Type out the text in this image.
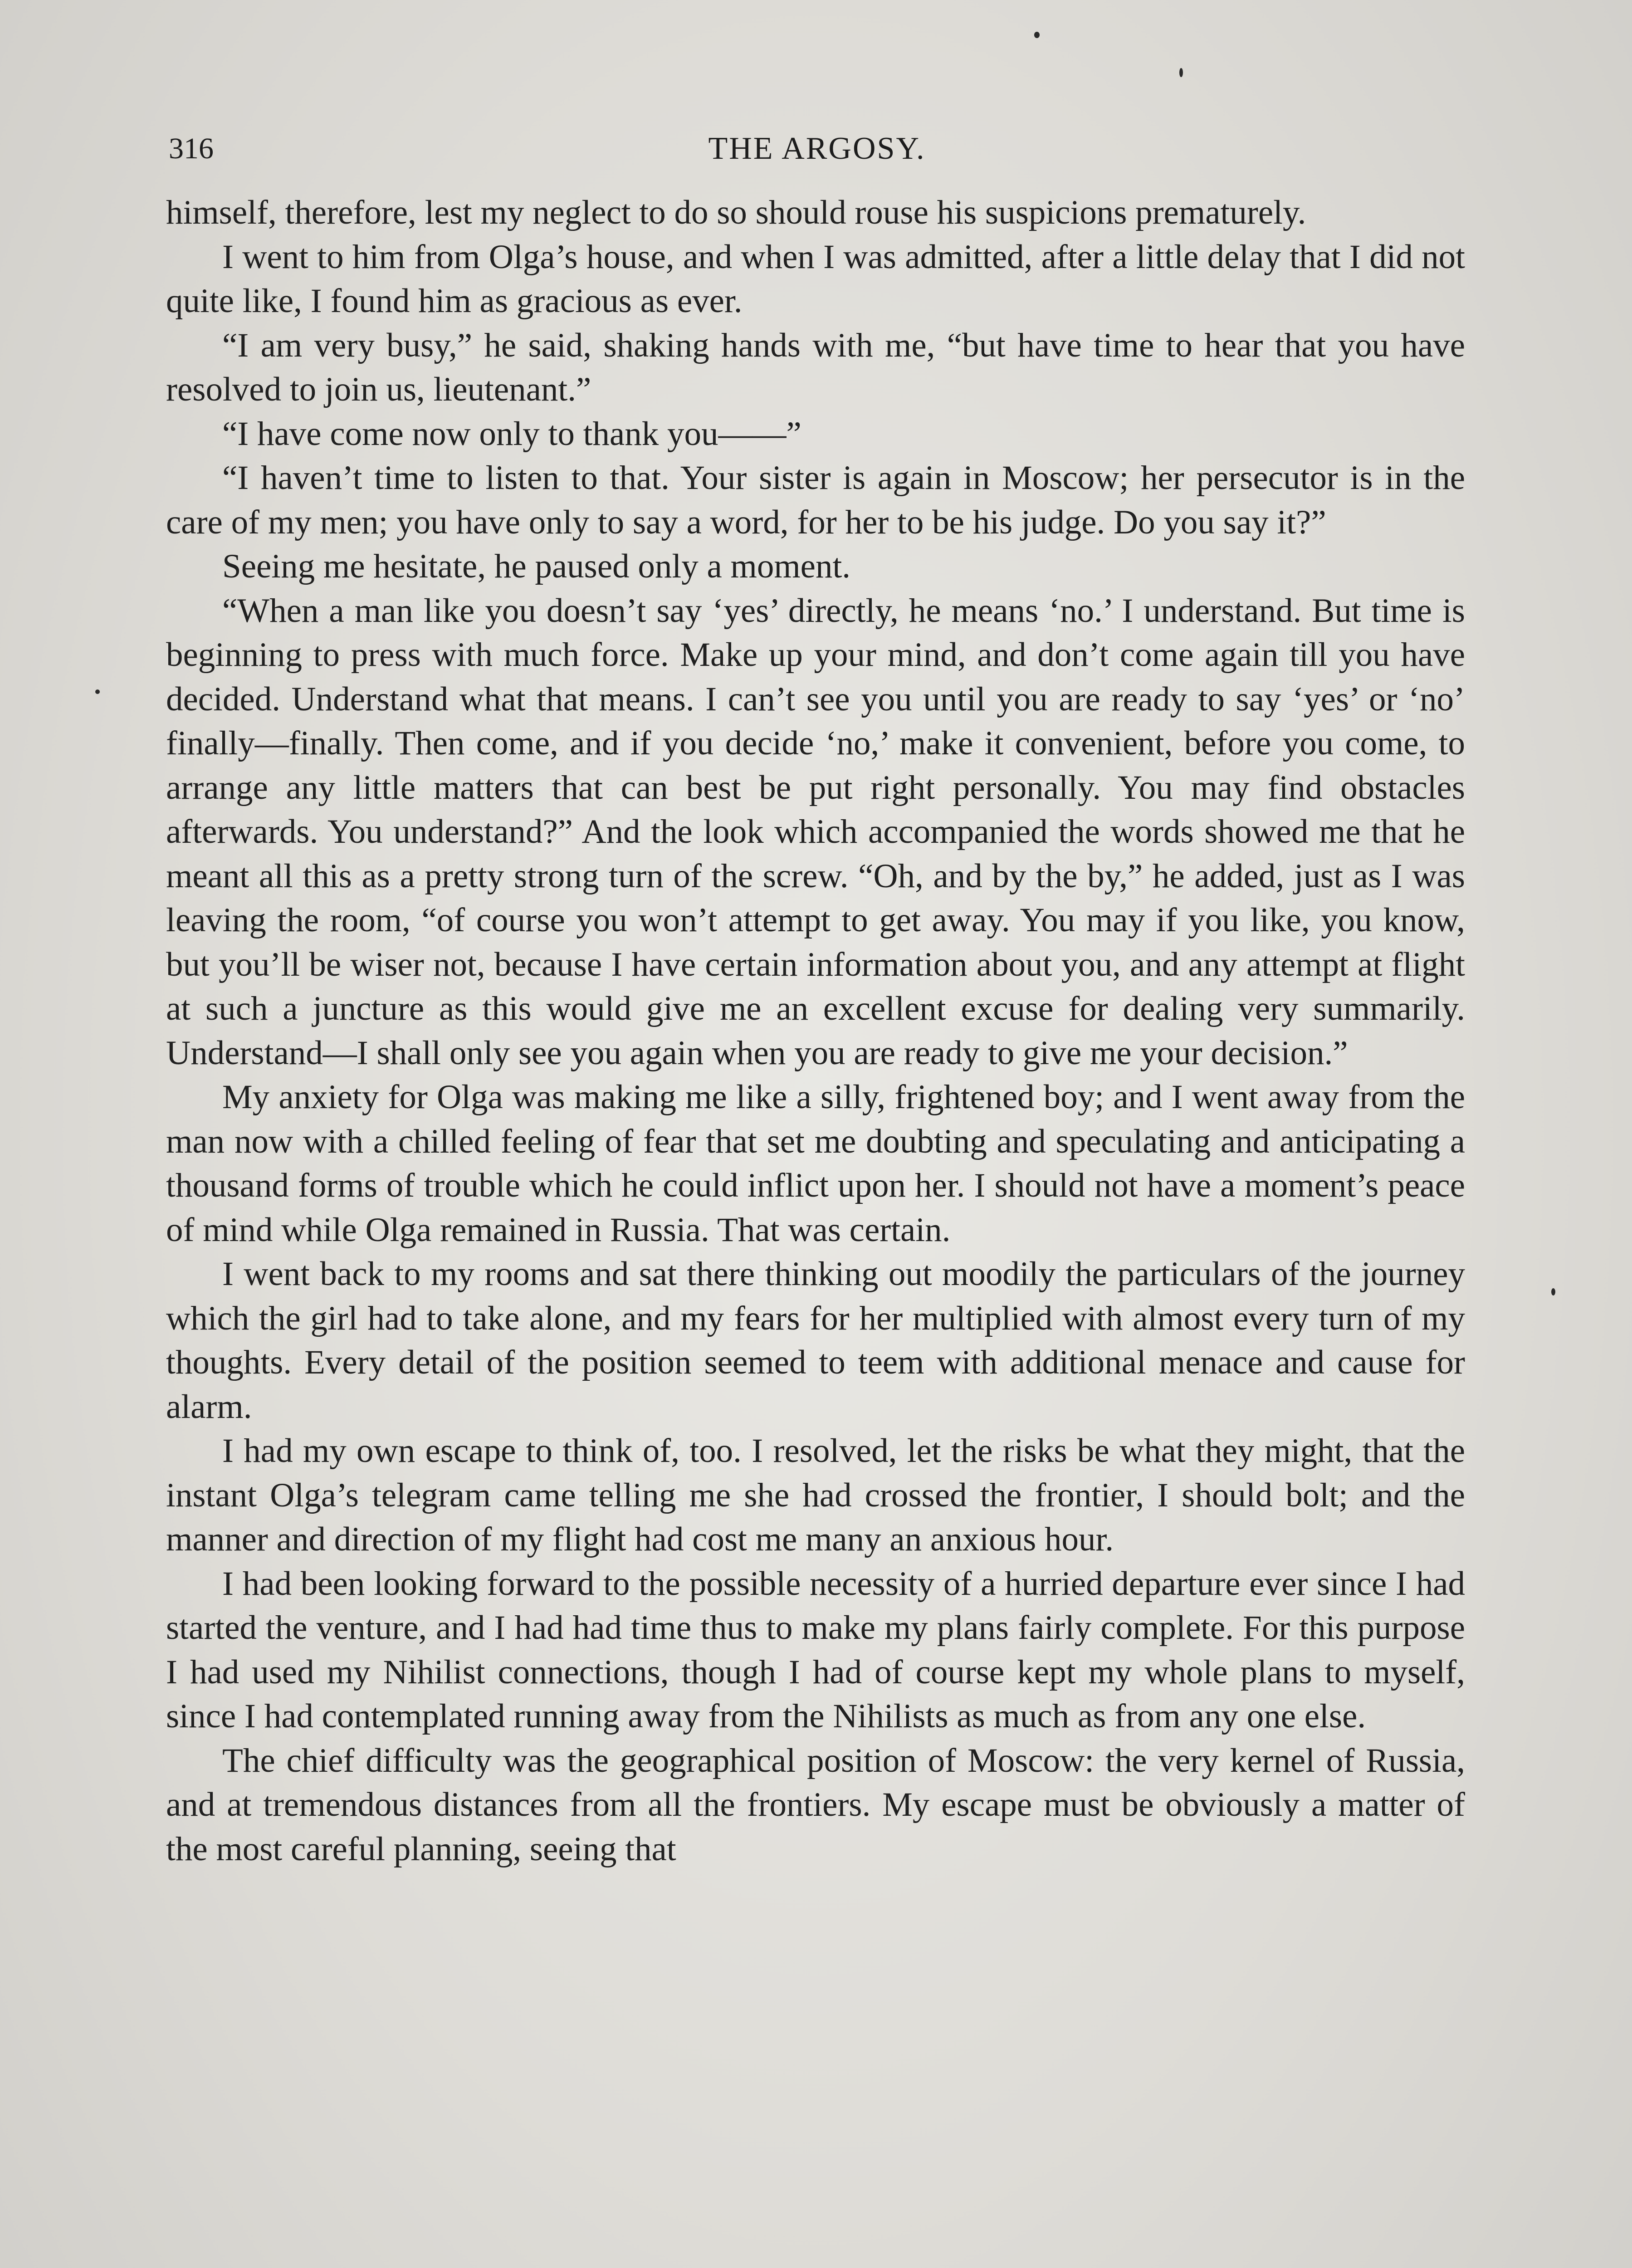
316	THE ARGOSY.

himself, therefore, lest my neglect to do so should rouse his suspicions prematurely.

I went to him from Olga’s house, and when I was admitted, after a little delay that I did not quite like, I found him as gracious as ever.

“I am very busy,” he said, shaking hands with me, “but have time to hear that you have resolved to join us, lieutenant.”

“I have come now only to thank you——”

“I haven’t time to listen to that. Your sister is again in Moscow; her persecutor is in the care of my men; you have only to say a word, for her to be his judge. Do you say it?”

Seeing me hesitate, he paused only a moment.

“When a man like you doesn’t say ‘yes’ directly, he means ‘no.’ I understand. But time is beginning to press with much force. Make up your mind, and don’t come again till you have decided. Understand what that means. I can’t see you until you are ready to say ‘yes’ or ‘no’ finally—finally. Then come, and if you decide ‘no,’ make it convenient, before you come, to arrange any little matters that can best be put right personally. You may find obstacles afterwards. You understand?” And the look which accompanied the words showed me that he meant all this as a pretty strong turn of the screw. “Oh, and by the by,” he added, just as I was leaving the room, “of course you won’t attempt to get away. You may if you like, you know, but you’ll be wiser not, because I have certain information about you, and any attempt at flight at such a juncture as this would give me an excellent excuse for dealing very summarily. Understand—I shall only see you again when you are ready to give me your decision.”

My anxiety for Olga was making me like a silly, frightened boy; and I went away from the man now with a chilled feeling of fear that set me doubting and speculating and anticipating a thousand forms of trouble which he could inflict upon her. I should not have a moment’s peace of mind while Olga remained in Russia. That was certain.

I went back to my rooms and sat there thinking out moodily the particulars of the journey which the girl had to take alone, and my fears for her multiplied with almost every turn of my thoughts. Every detail of the position seemed to teem with additional menace and cause for alarm.

I had my own escape to think of, too. I resolved, let the risks be what they might, that the instant Olga’s telegram came telling me she had crossed the frontier, I should bolt; and the manner and direction of my flight had cost me many an anxious hour.

I had been looking forward to the possible necessity of a hurried departure ever since I had started the venture, and I had had time thus to make my plans fairly complete. For this purpose I had used my Nihilist connections, though I had of course kept my whole plans to myself, since I had contemplated running away from the Nihilists as much as from any one else.

The chief difficulty was the geographical position of Moscow: the very kernel of Russia, and at tremendous distances from all the frontiers. My escape must be obviously a matter of the most careful planning, seeing that
